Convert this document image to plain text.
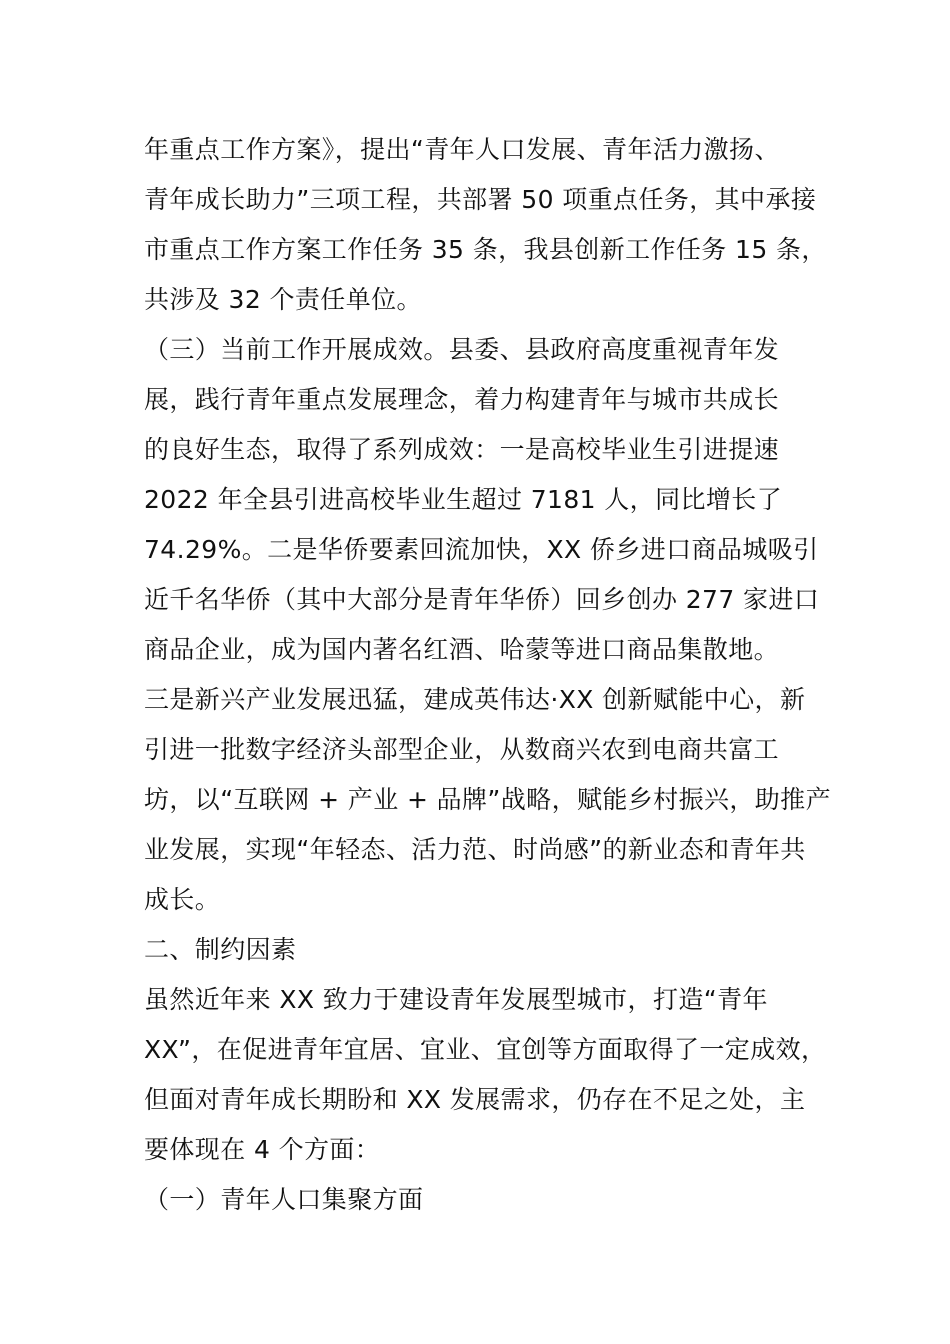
年重点工作方案》，提出“青年人口发展、青年活力激扬、
青年成长助力”三项工程，共部署 50 项重点任务，其中承接
市重点工作方案工作任务 35 条，我县创新工作任务 15 条，
共涉及 32 个责任单位。
（三）当前工作开展成效。县委、县政府高度重视青年发
展，践行青年重点发展理念，着力构建青年与城市共成长
的良好生态，取得了系列成效：一是高校毕业生引进提速
2022 年全县引进高校毕业生超过 7181 人，同比增长了
74.29%。二是华侨要素回流加快，XX 侨乡进口商品城吸引
近千名华侨（其中大部分是青年华侨）回乡创办 277 家进口
商品企业，成为国内著名红酒、哈蒙等进口商品集散地。
三是新兴产业发展迅猛，建成英伟达·XX 创新赋能中心，新
引进一批数字经济头部型企业，从数商兴农到电商共富工
坊，以“互联网 + 产业 + 品牌”战略，赋能乡村振兴，助推产
业发展，实现“年轻态、活力范、时尚感”的新业态和青年共
成长。
二、制约因素
虽然近年来 XX 致力于建设青年发展型城市，打造“青年
XX”，在促进青年宜居、宜业、宜创等方面取得了一定成效，
但面对青年成长期盼和 XX 发展需求，仍存在不足之处，主
要体现在 4 个方面：
（一）青年人口集聚方面
